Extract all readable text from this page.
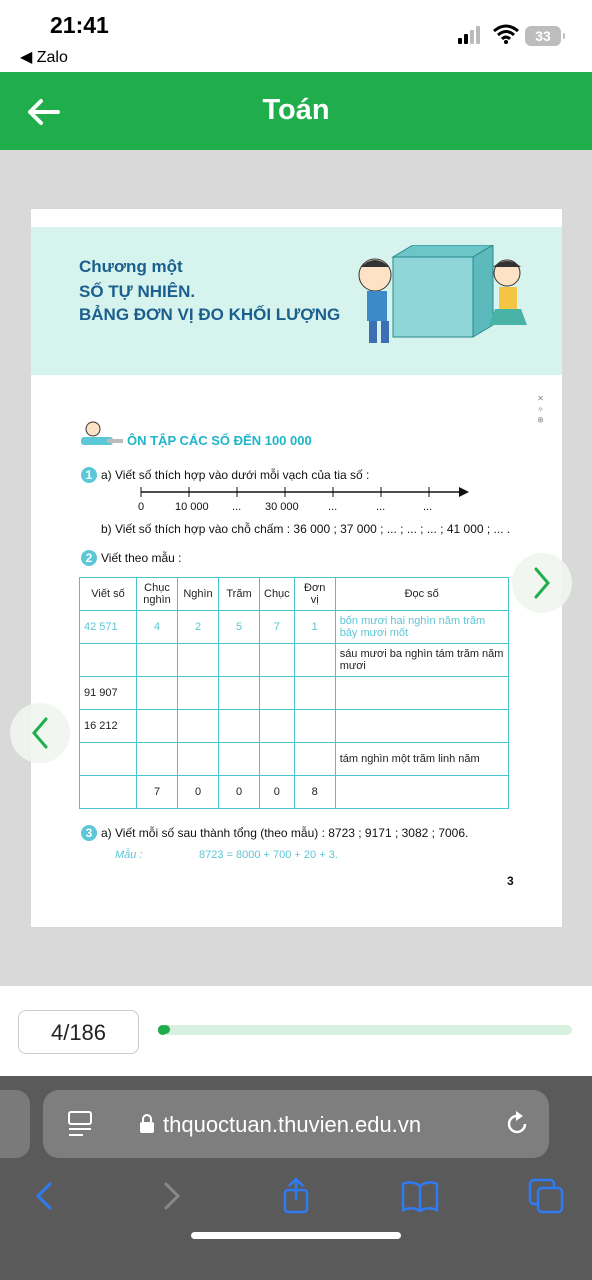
21:41
◀ Zalo
33
Toán
Chương một
SỐ TỰ NHIÊN.
BẢNG ĐƠN VỊ ĐO KHỐI LƯỢNG
ÔN TẬP CÁC SỐ ĐẾN 100 000
✕ ✧ ⊕
1 a) Viết số thích hợp vào dưới mỗi vạch của tia số :
0	10 000 ... 30 000	...	...	...
b) Viết số thích hợp vào chỗ chấm : 36 000 ; 37 000 ; ... ; ... ; ... ; 41 000 ; ... .
2 Viết theo mẫu :
Viết số	Chục nghìn	Nghìn	Trăm	Chục	Đơn vị	Đọc số
42 571	4	2	5	7	1	bốn mươi hai nghìn năm trăm bảy mươi mốt
						sáu mươi ba nghìn tám trăm năm mươi
91 907						
16 212						
						tám nghìn một trăm linh năm
	7	0	0	0	8	
3 a) Viết mỗi số sau thành tổng (theo mẫu) : 8723 ; 9171 ; 3082 ; 7006.
Mẫu :	8723 = 8000 + 700 + 20 + 3.
3
4/186
thquoctuan.thuvien.edu.vn
